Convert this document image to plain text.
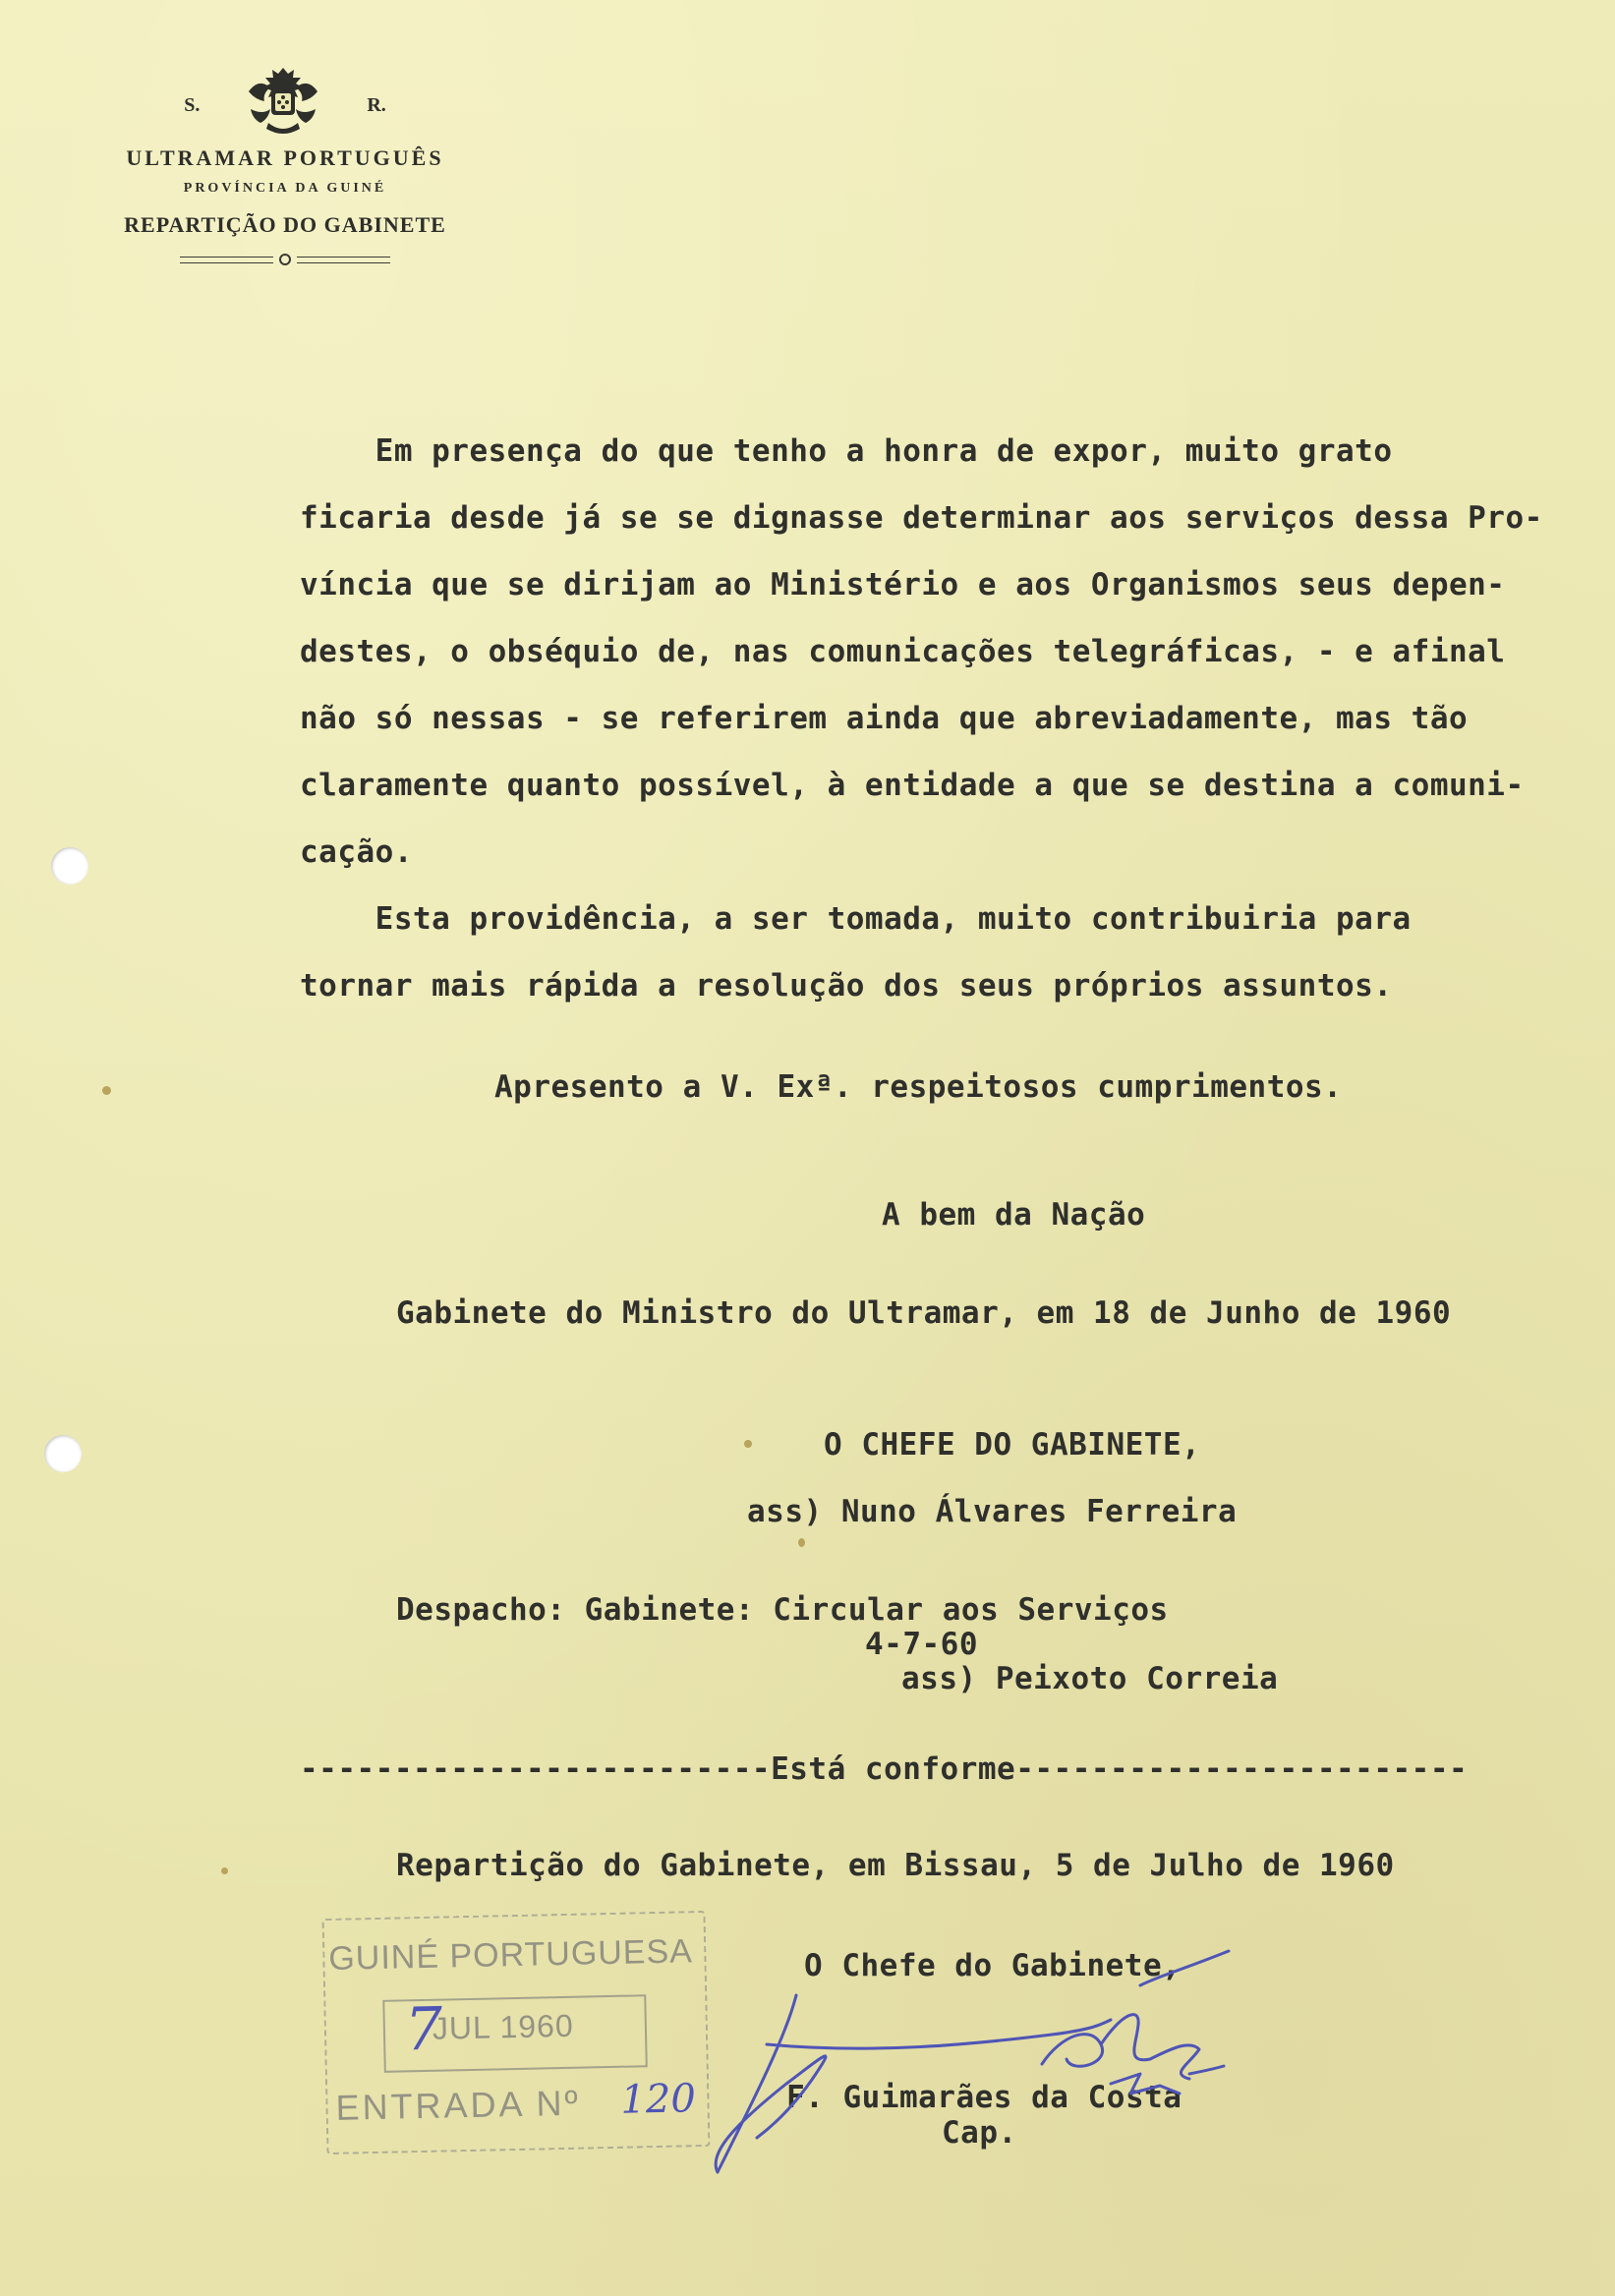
S.	R.
ULTRAMAR PORTUGUÊS
PROVÍNCIA DA GUINÉ
REPARTIÇÃO DO GABINETE

Em presença do que tenho a honra de expor, muito grato

ficaria desde já se se dignasse determinar aos serviços dessa Pro-

víncia que se dirijam ao Ministério e aos Organismos seus depen-

destes, o obséquio de, nas comunicações telegráficas, - e afinal

não só nessas - se referirem ainda que abreviadamente, mas tão

claramente quanto possível, à entidade a que se destina a comuni-

cação.

Esta providência, a ser tomada, muito contribuiria para

tornar mais rápida a resolução dos seus próprios assuntos.

Apresento a V. Exª. respeitosos cumprimentos.

A bem da Nação

Gabinete do Ministro do Ultramar, em 18 de Junho de 1960

O CHEFE DO GABINETE,

ass) Nuno Álvares Ferreira

Despacho: Gabinete: Circular aos Serviços

4-7-60

ass) Peixoto Correia

-------------------------Está conforme------------------------

Repartição do Gabinete, em Bissau, 5 de Julho de 1960

O Chefe do Gabinete,

F. Guimarães da Costa

Cap.

GUINÉ PORTUGUESA
JUL 1960
ENTRADA Nº
7
120
